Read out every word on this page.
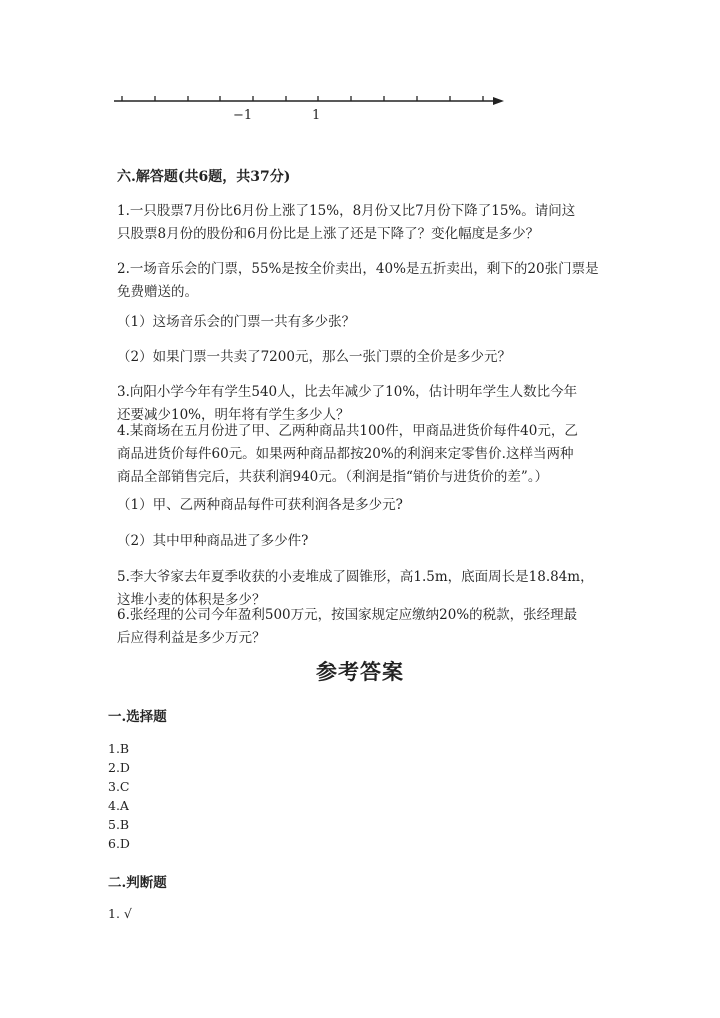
−1	1
六.解答题(共6题，共37分)
1.一只股票7月份比6月份上涨了15%，8月份又比7月份下降了15%。请问这
只股票8月份的股份和6月份比是上涨了还是下降了？变化幅度是多少？
2.一场音乐会的门票，55%是按全价卖出，40%是五折卖出，剩下的20张门票是
免费赠送的。
（1）这场音乐会的门票一共有多少张？
（2）如果门票一共卖了7200元，那么一张门票的全价是多少元？
3.向阳小学今年有学生540人，比去年减少了10%，估计明年学生人数比今年
还要减少10%，明年将有学生多少人？
4.某商场在五月份进了甲、乙两种商品共100件，甲商品进货价每件40元，乙
商品进货价每件60元。如果两种商品都按20%的利润来定零售价.这样当两种
商品全部销售完后，共获利润940元。（利润是指“销价与进货价的差”。）
（1）甲、乙两种商品每件可获利润各是多少元?
（2）其中甲种商品进了多少件?
5.李大爷家去年夏季收获的小麦堆成了圆锥形，高1.5m，底面周长是18.84m，
这堆小麦的体积是多少？
6.张经理的公司今年盈利500万元，按国家规定应缴纳20%的税款，张经理最
后应得利益是多少万元？
参考答案
一.选择题
1.B
2.D
3.C
4.A
5.B
6.D
二.判断题
1. √
